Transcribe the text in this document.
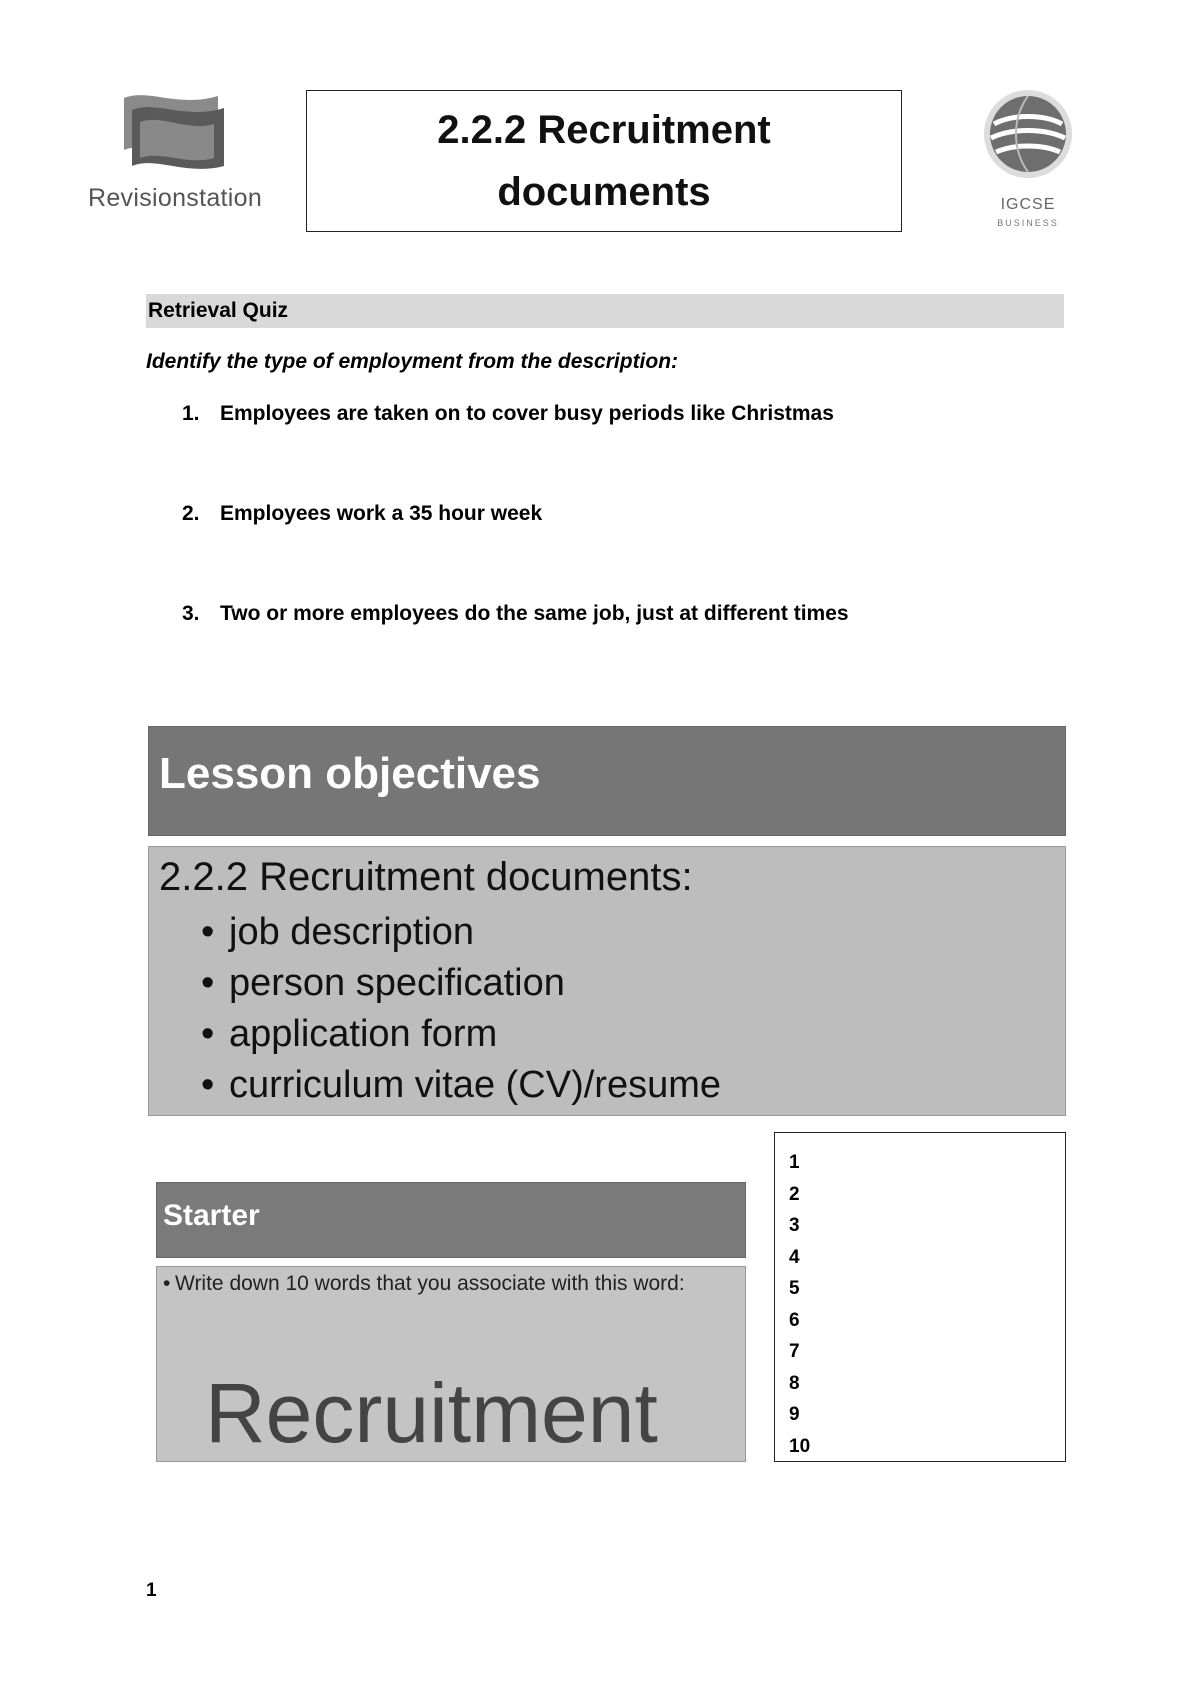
Revisionstation
2.2.2 Recruitment
documents	IGCSE
BUSINESS
Retrieval Quiz
Identify the type of employment from the description:
1. Employees are taken on to cover busy periods like Christmas
2. Employees work a 35 hour week
3. Two or more employees do the same job, just at different times
Lesson objectives
2.2.2 Recruitment documents:
• job description
• person specification
• application form
• curriculum vitae (CV)/resume
Starter
• Write down 10 words that you associate with this word:
Recruitment
1
2
3
4
5
6
7
8
9
10
1
